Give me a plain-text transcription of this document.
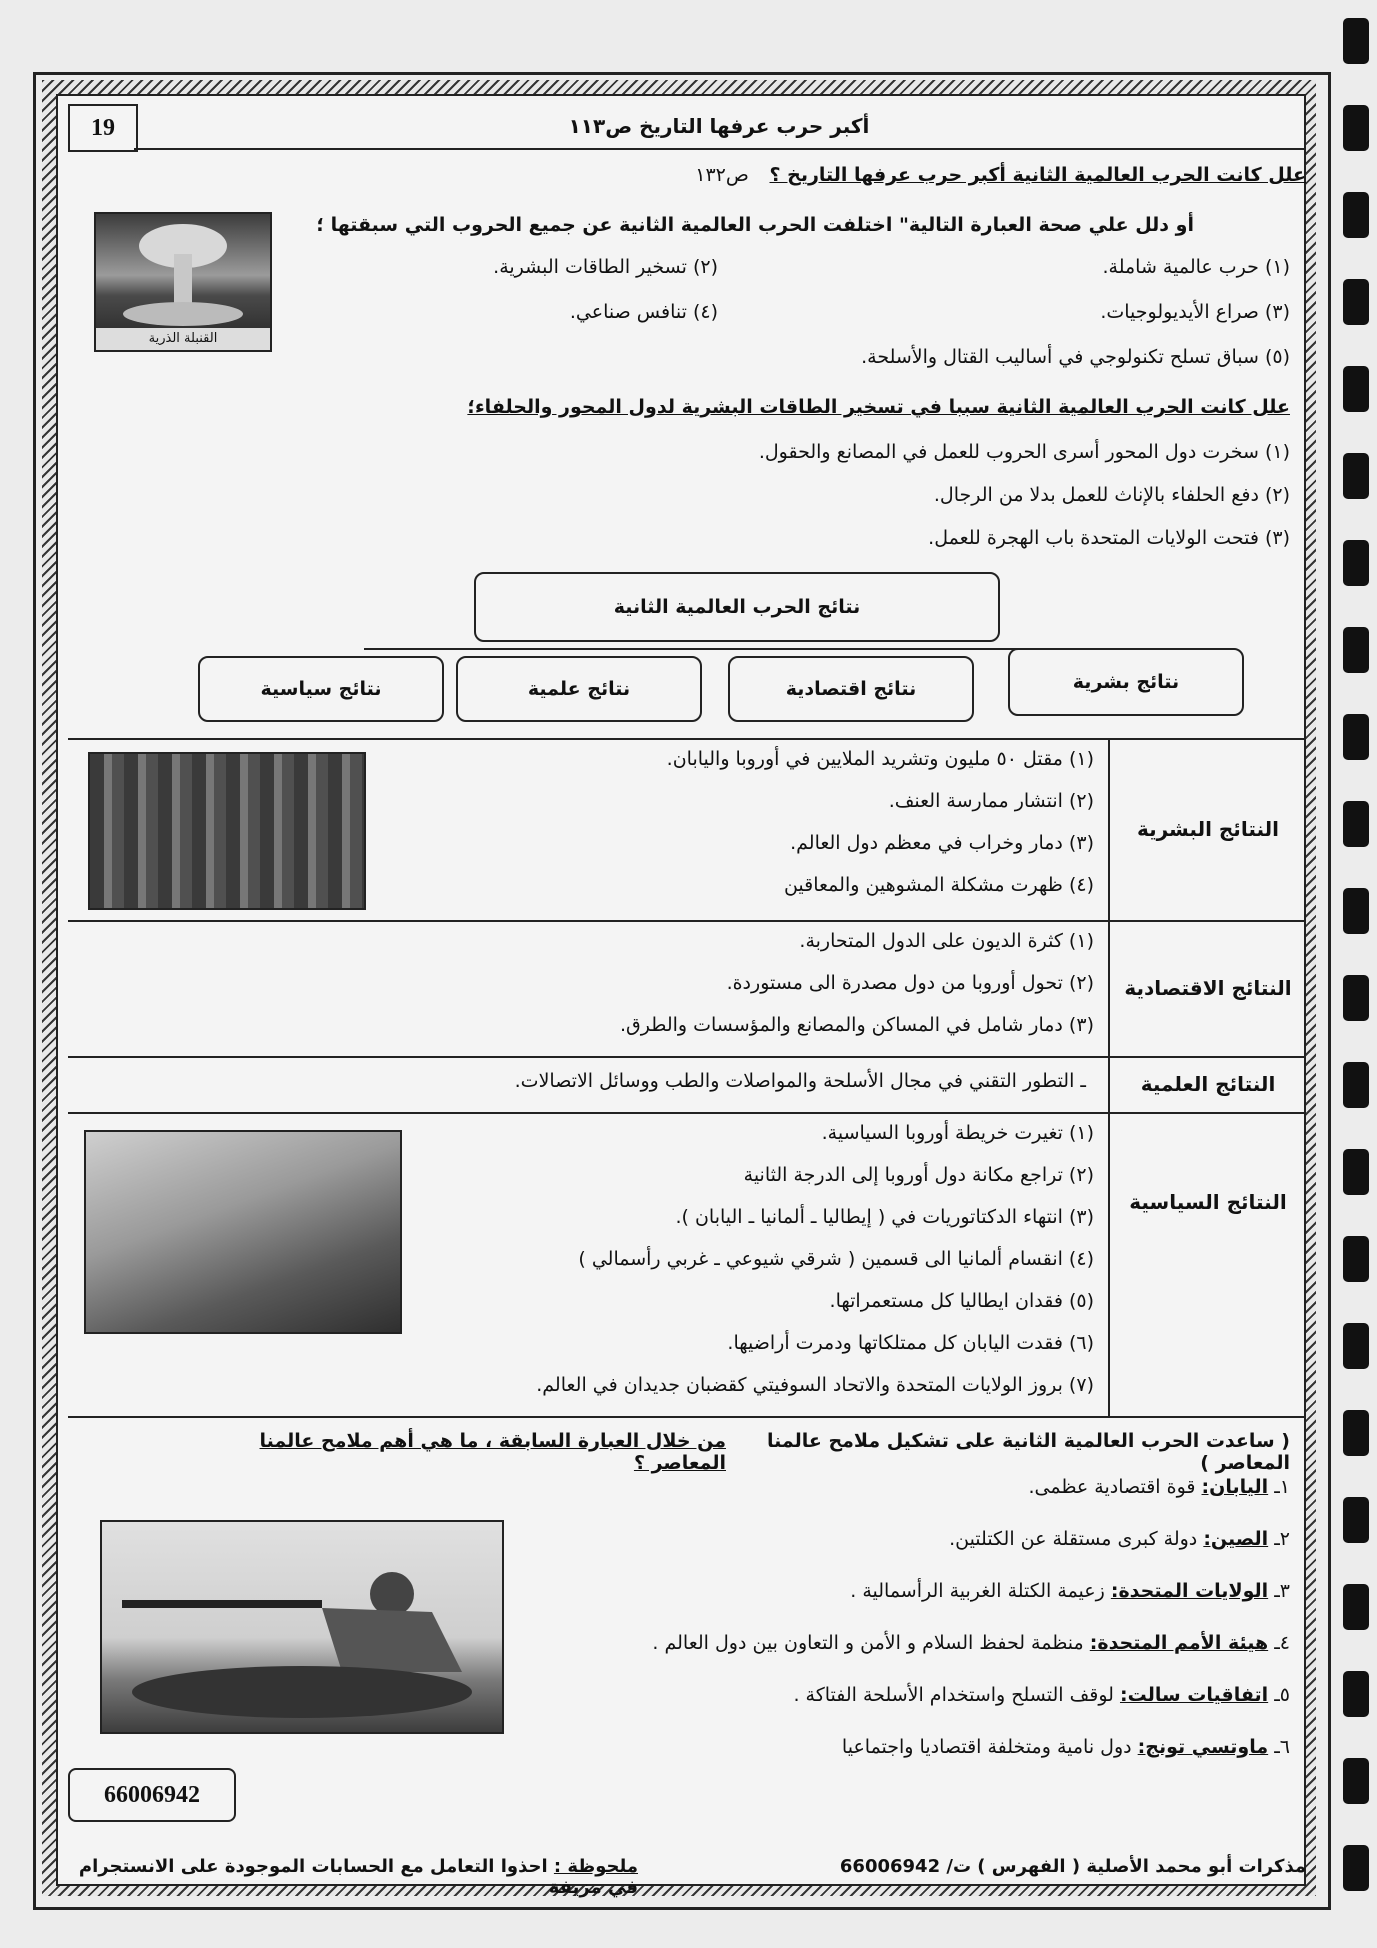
19	أكبر حرب عرفها التاريخ ص١١٣
علل كانت الحرب العالمية الثانية أكبر حرب عرفها التاريخ ؟ ص١٣٢
أو دلل علي صحة العبارة التالية" اختلفت الحرب العالمية الثانية عن جميع الحروب التي سبقتها ؛
(١) حرب عالمية شاملة.
(٢) تسخير الطاقات البشرية.
(٣) صراع الأيديولوجيات.
(٤) تنافس صناعي.
(٥) سباق تسلح تكنولوجي في أساليب القتال والأسلحة.
القنبلة الذرية
علل كانت الحرب العالمية الثانية سببا في تسخير الطاقات البشرية لدول المحور والحلفاء؛
(١) سخرت دول المحور أسرى الحروب للعمل في المصانع والحقول.
(٢) دفع الحلفاء بالإناث للعمل بدلا من الرجال.
(٣) فتحت الولايات المتحدة باب الهجرة للعمل.
نتائج الحرب العالمية الثانية
نتائج بشرية
نتائج اقتصادية
نتائج علمية
نتائج سياسية
النتائج البشرية
(١) مقتل ٥٠ مليون وتشريد الملايين في أوروبا واليابان.
(٢) انتشار ممارسة العنف.
(٣) دمار وخراب في معظم دول العالم.
(٤) ظهرت مشكلة المشوهين والمعاقين
النتائج الاقتصادية
(١) كثرة الديون على الدول المتحاربة.
(٢) تحول أوروبا من دول مصدرة الى مستوردة.
(٣) دمار شامل في المساكن والمصانع والمؤسسات والطرق.
النتائج العلمية
ـ التطور التقني في مجال الأسلحة والمواصلات والطب ووسائل الاتصالات.
النتائج السياسية
(١) تغيرت خريطة أوروبا السياسية.
(٢) تراجع مكانة دول أوروبا إلى الدرجة الثانية
(٣) انتهاء الدكتاتوريات في ( إيطاليا ـ ألمانيا ـ اليابان ).
(٤) انقسام ألمانيا الى قسمين ( شرقي شيوعي ـ غربي رأسمالي )
(٥) فقدان ايطاليا كل مستعمراتها.
(٦) فقدت اليابان كل ممتلكاتها ودمرت أراضيها.
(٧) بروز الولايات المتحدة والاتحاد السوفيتي كقضبان جديدان في العالم.
( ساعدت الحرب العالمية الثانية على تشكيل ملامح عالمنا المعاصر )
من خلال العبارة السابقة ، ما هي أهم ملامح عالمنا المعاصر ؟
١ـ اليابان: قوة اقتصادية عظمى.
٢ـ الصين: دولة كبرى مستقلة عن الكتلتين.
٣ـ الولايات المتحدة: زعيمة الكتلة الغربية الرأسمالية .
٤ـ هيئة الأمم المتحدة: منظمة لحفظ السلام و الأمن و التعاون بين دول العالم .
٥ـ اتفاقيات سالت: لوقف التسلح واستخدام الأسلحة الفتاكة .
٦ـ ماوتسي تونج: دول نامية ومتخلفة اقتصاديا واجتماعيا
66006942
ملحوظة : احذوا التعامل مع الحسابات الموجودة على الانستجرام في مزيفة
مذكرات أبو محمد الأصلية ( الفهرس ) ت/ 66006942
